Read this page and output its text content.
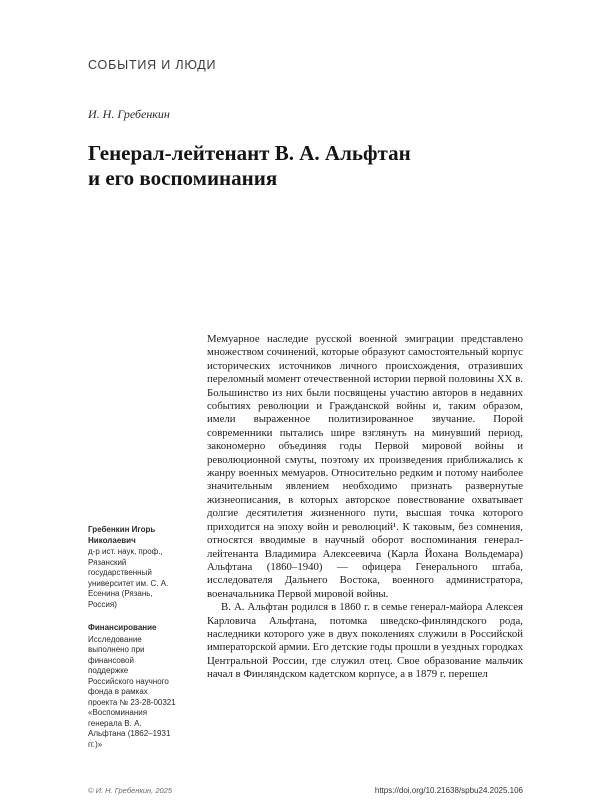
СОБЫТИЯ И ЛЮДИ
И. Н. Гребенкин
Генерал-лейтенант В. А. Альфтан
и его воспоминания
Гребенкин Игорь Николаевич
д-р ист. наук, проф., Рязанский государственный университет им. С. А. Есенина (Рязань, Россия)
Финансирование
Исследование выполнено при финансовой поддержке Российского научного фонда в рамках проекта № 23-28-00321 «Воспоминания генерала В. А. Альфтана (1862–1931 гг.)»

Мемуарное наследие русской военной эмиграции представлено множеством сочинений, которые образуют самостоятельный корпус исторических источников личного происхождения, отразивших переломный момент отечественной истории первой половины XX в. Большинство из них были посвящены участию авторов в недавних событиях революции и Гражданской войны и, таким образом, имели выраженное политизированное звучание. Порой современники пытались шире взглянуть на минувший период, закономерно объединяя годы Первой мировой войны и революционной смуты, поэтому их произведения приближались к жанру военных мемуаров. Относительно редким и потому наиболее значительным явлением необходимо признать развернутые жизнеописания, в которых авторское повествование охватывает долгие десятилетия жизненного пути, высшая точка которого приходится на эпоху войн и революций¹. К таковым, без сомнения, относятся вводимые в научный оборот воспоминания генерал-лейтенанта Владимира Алексеевича (Карла Йохана Вольдемара) Альфтана (1860–1940) — офицера Генерального штаба, исследователя Дальнего Востока, военного администратора, военачальника Первой мировой войны.

В. А. Альфтан родился в 1860 г. в семье генерал-майора Алексея Карловича Альфтана, потомка шведско-финляндского рода, наследники которого уже в двух поколениях служили в Российской императорской армии. Его детские годы прошли в уездных городках Центральной России, где служил отец. Свое образование мальчик начал в Финляндском кадетском корпусе, а в 1879 г. перешел

© И. Н. Гребенкин, 2025	https://doi.org/10.21638/spbu24.2025.106
